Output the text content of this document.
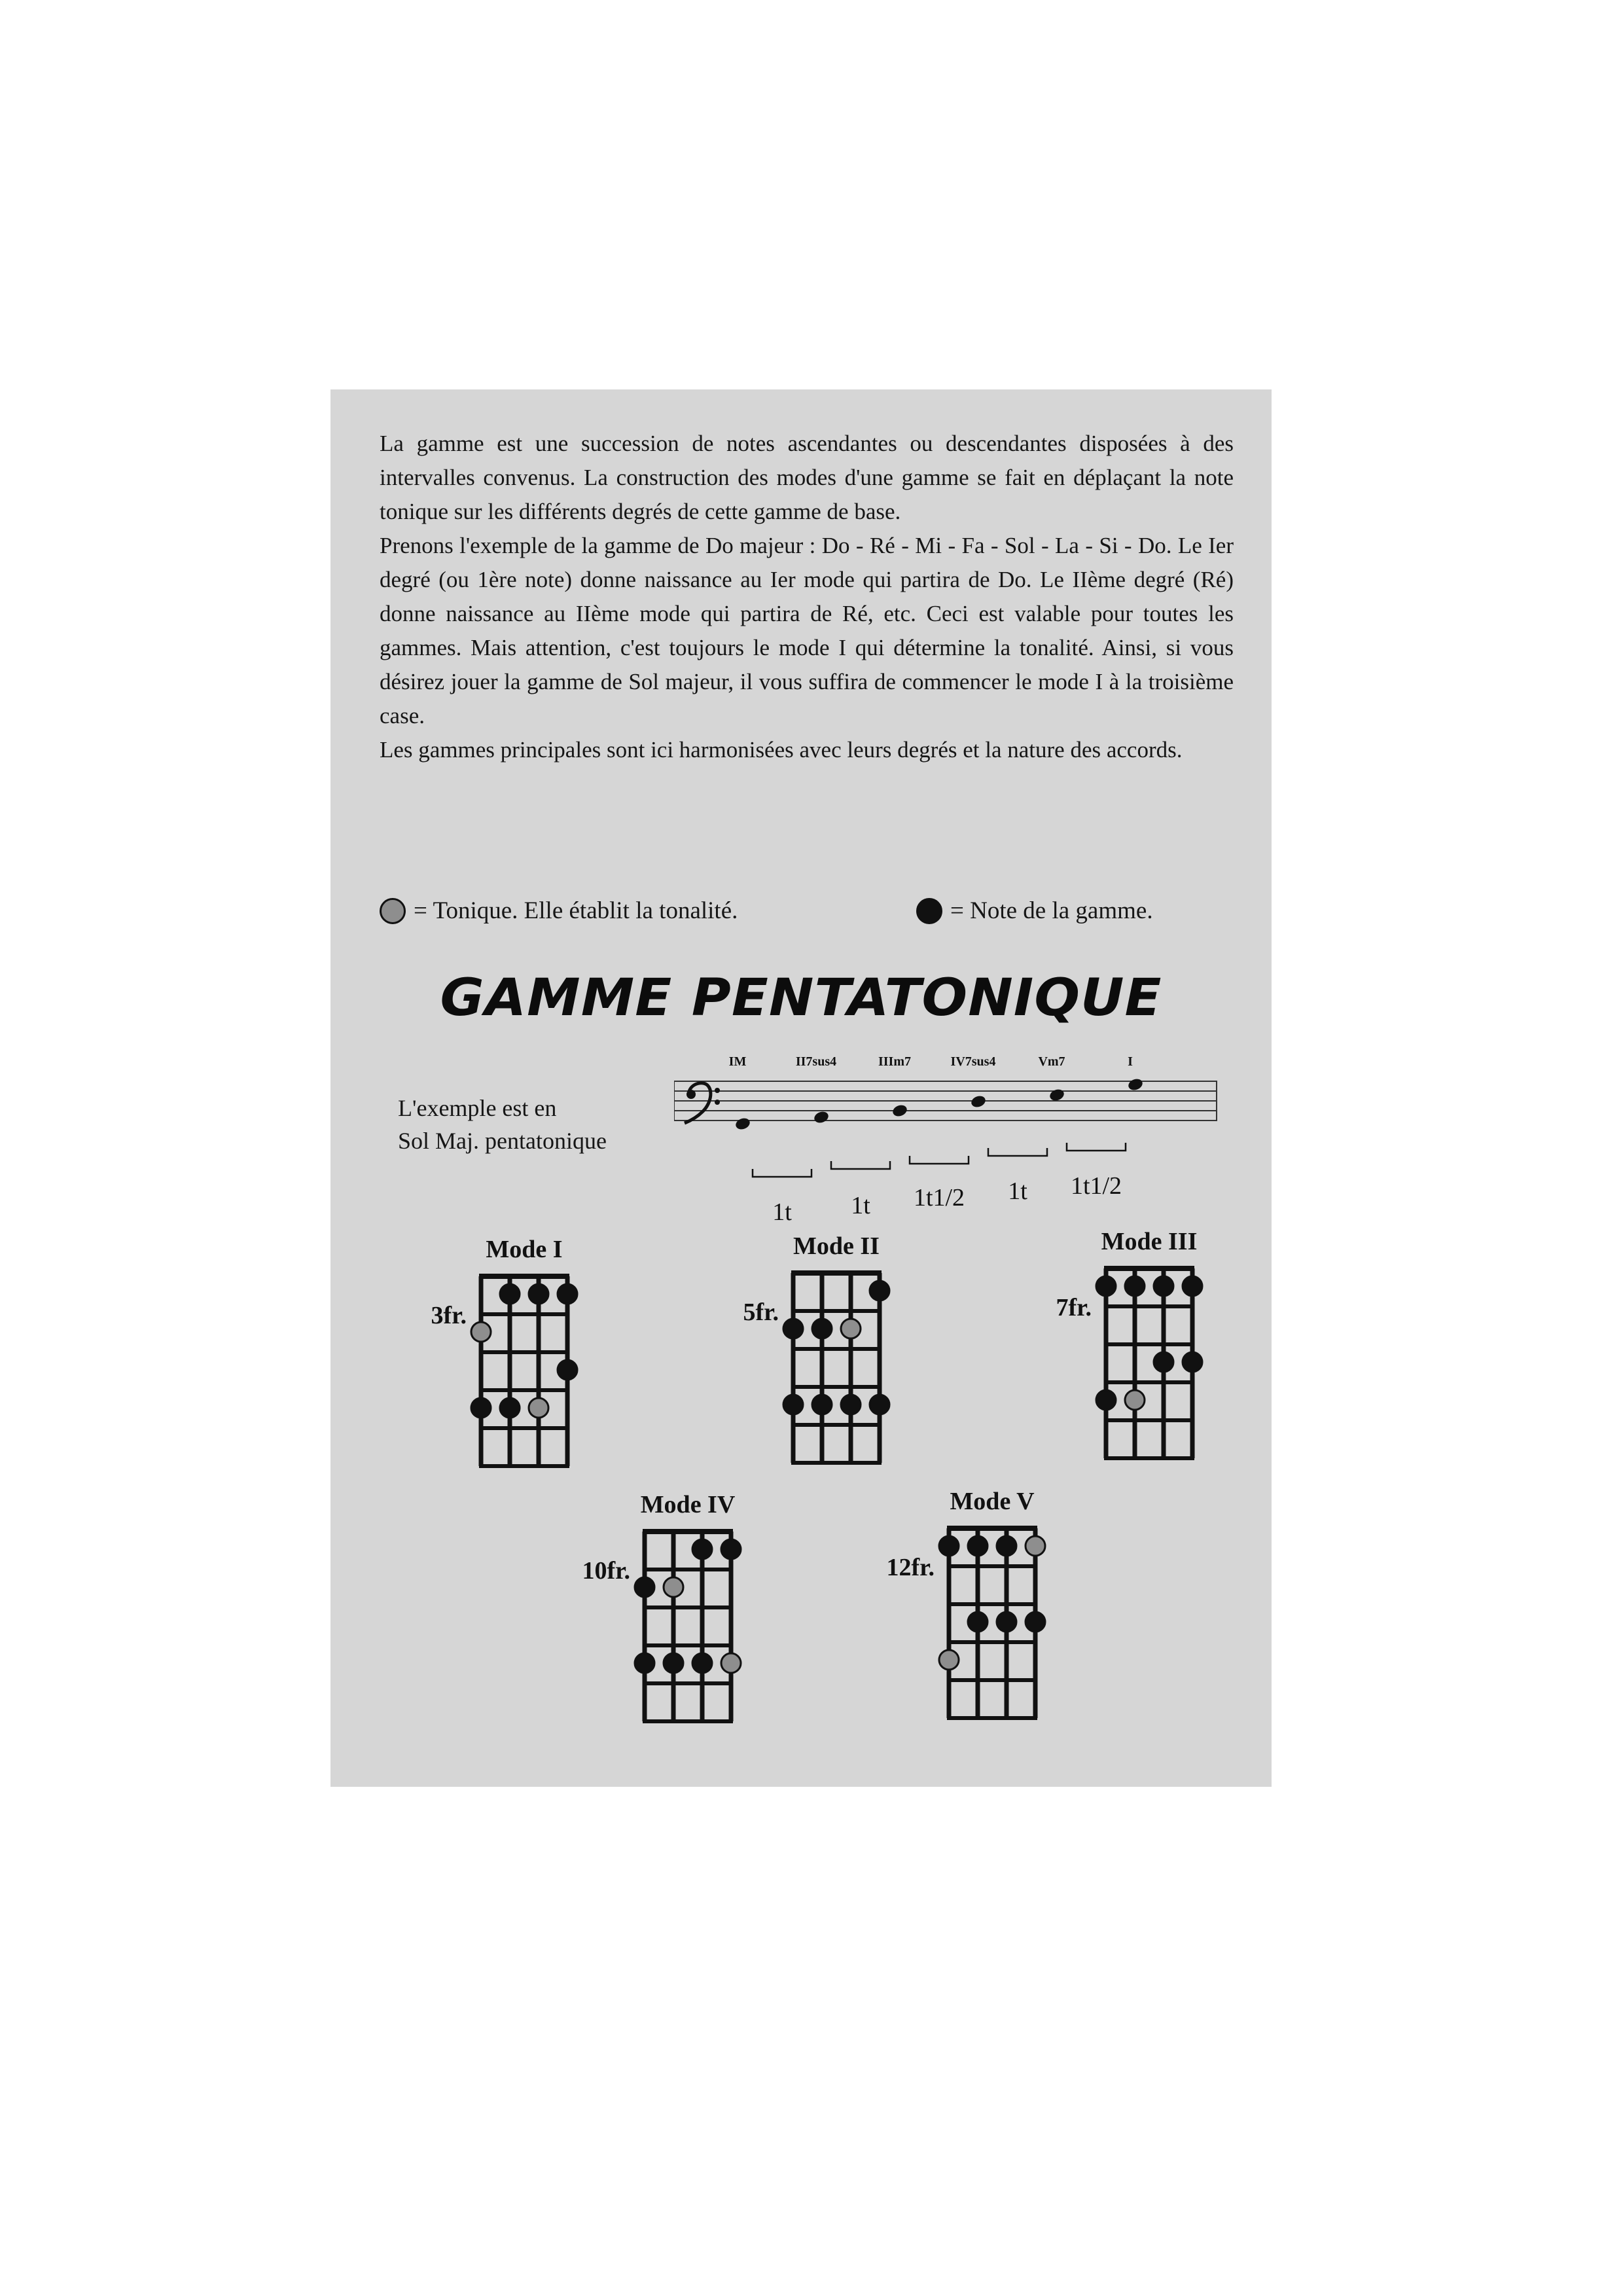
La gamme est une succession de notes ascendantes ou descendantes disposées à des intervalles convenus. La construction des modes d'une gamme se fait en déplaçant la note tonique sur les différents degrés de cette gamme de base.

Prenons l'exemple de la gamme de Do majeur : Do - Ré - Mi - Fa - Sol - La - Si - Do. Le Ier degré (ou 1ère note) donne naissance au Ier mode qui partira de Do. Le IIème degré (Ré) donne naissance au IIème mode qui partira de Ré, etc. Ceci est valable pour toutes les gammes. Mais attention, c'est toujours le mode I qui détermine la tonalité. Ainsi, si vous désirez jouer la gamme de Sol majeur, il vous suffira de commencer le mode I à la troisième case.

Les gammes principales sont ici harmonisées avec leurs degrés et la nature des accords.

= Tonique. Elle établit la tonalité.	= Note de la gamme.
GAMME PENTATONIQUE
L'exemple est en
Sol Maj. pentatonique
IM	II7sus4	IIIm7	IV7sus4	Vm7	I
1t 1t 1t1/2 1t 1t1/2
Mode I
3fr.
Mode II
5fr.
Mode III
7fr.
Mode IV
10fr.
Mode V
12fr.
